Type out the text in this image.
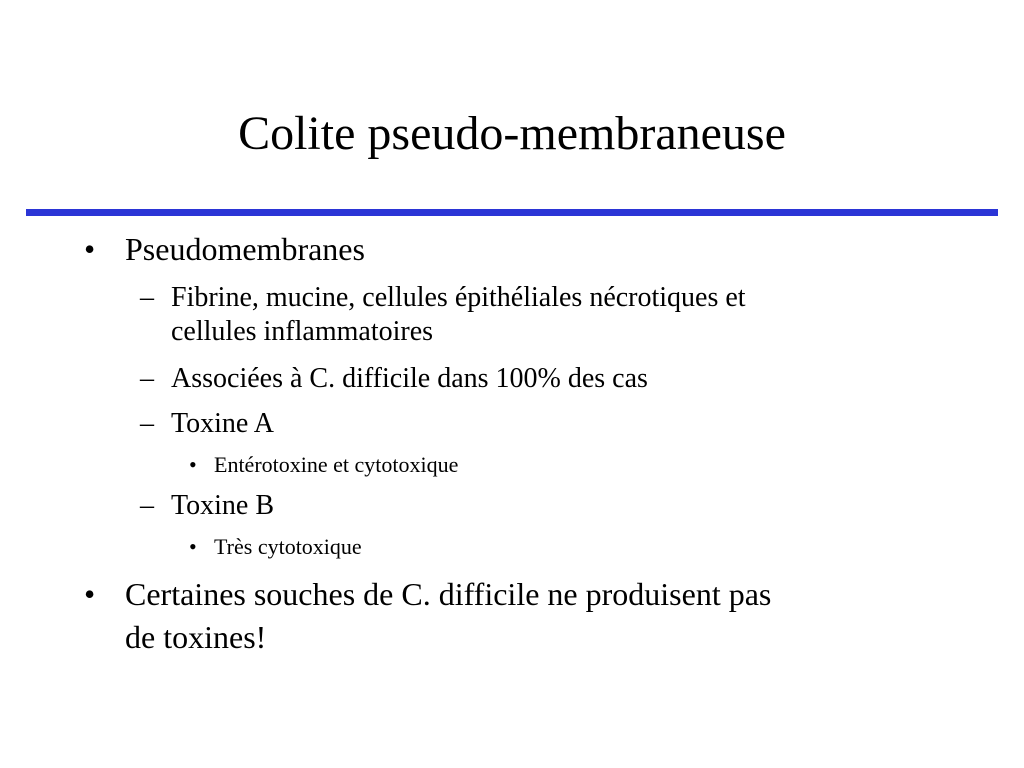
Colite pseudo-membraneuse
• Pseudomembranes
– Fibrine, mucine, cellules épithéliales nécrotiques et
cellules inflammatoires
– Associées à C. difficile dans 100% des cas
– Toxine A
• Entérotoxine et cytotoxique
– Toxine B
• Très cytotoxique
• Certaines souches de C. difficile ne produisent pas
de toxines!
